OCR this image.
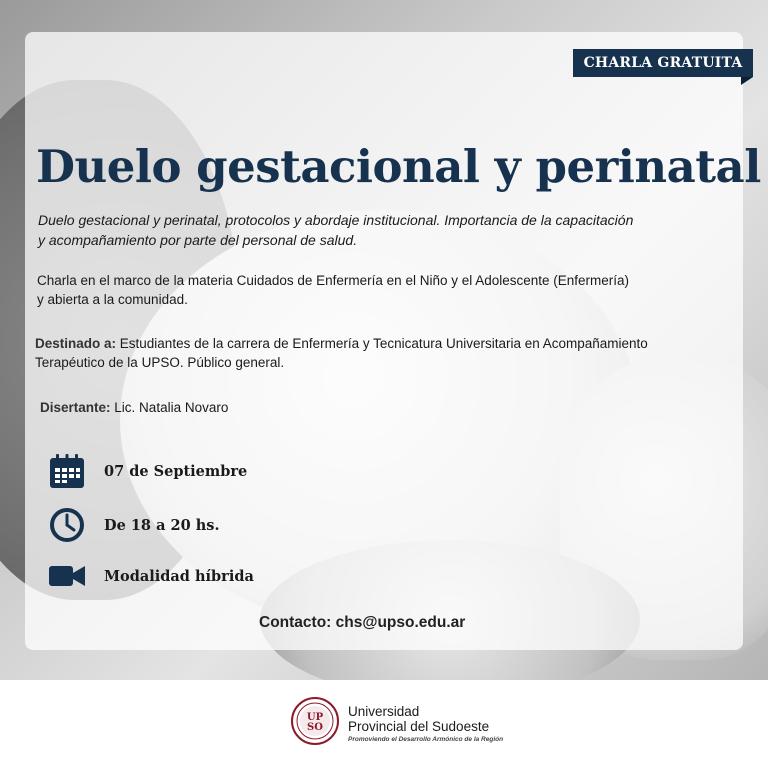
CHARLA GRATUITA
Duelo gestacional y perinatal

Duelo gestacional y perinatal, protocolos y abordaje institucional. Importancia de la capacitación
y acompañamiento por parte del personal de salud.

Charla en el marco de la materia Cuidados de Enfermería en el Niño y el Adolescente (Enfermería)
y abierta a la comunidad.

Destinado a: Estudiantes de la carrera de Enfermería y Tecnicatura Universitaria en Acompañamiento
Terapéutico de la UPSO. Público general.

Disertante: Lic. Natalia Novaro

07 de Septiembre
De 18 a 20 hs.
Modalidad híbrida

Contacto: chs@upso.edu.ar

UP
SO
Universidad
Provincial del Sudoeste
Promoviendo el Desarrollo Armónico de la Región
